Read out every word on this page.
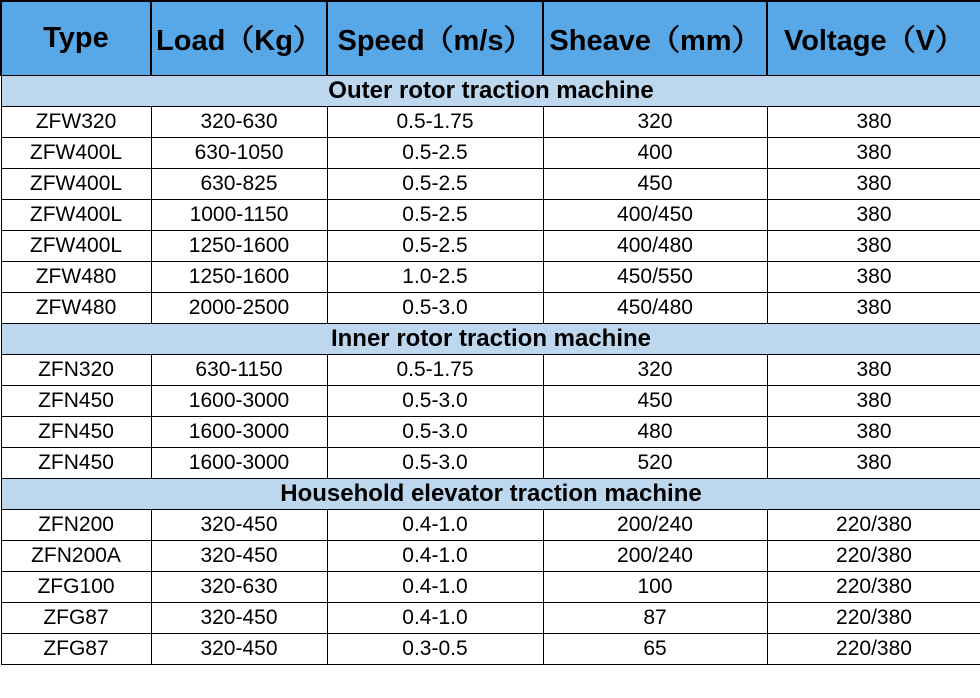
Type	Load（Kg）	Speed（m/s）	Sheave（mm）	Voltage（V）
Outer rotor traction machine				
ZFW320	320-630	0.5-1.75	320	380
ZFW400L	630-1050	0.5-2.5	400	380
ZFW400L	630-825	0.5-2.5	450	380
ZFW400L	1000-1150	0.5-2.5	400/450	380
ZFW400L	1250-1600	0.5-2.5	400/480	380
ZFW480	1250-1600	1.0-2.5	450/550	380
ZFW480	2000-2500	0.5-3.0	450/480	380
Inner rotor traction machine				
ZFN320	630-1150	0.5-1.75	320	380
ZFN450	1600-3000	0.5-3.0	450	380
ZFN450	1600-3000	0.5-3.0	480	380
ZFN450	1600-3000	0.5-3.0	520	380
Household elevator traction machine				
ZFN200	320-450	0.4-1.0	200/240	220/380
ZFN200A	320-450	0.4-1.0	200/240	220/380
ZFG100	320-630	0.4-1.0	100	220/380
ZFG87	320-450	0.4-1.0	87	220/380
ZFG87	320-450	0.3-0.5	65	220/380
